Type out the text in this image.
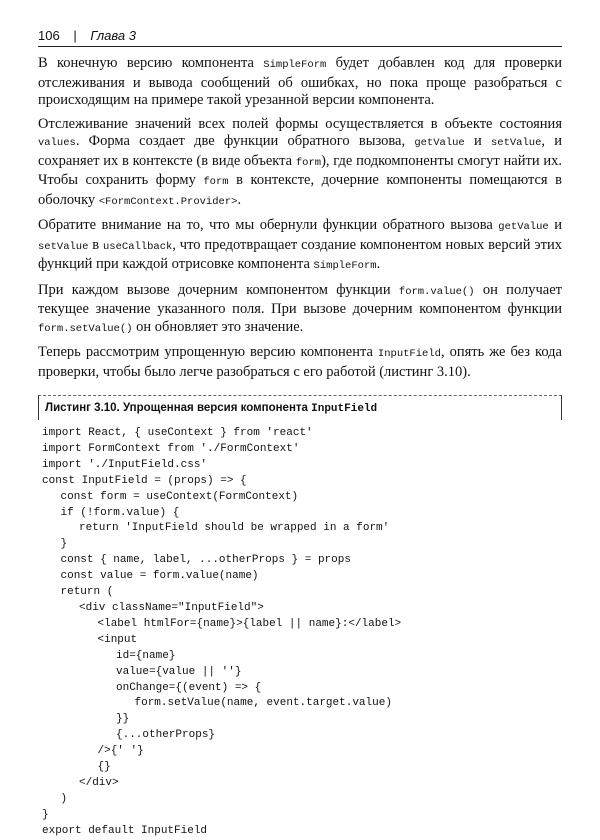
106 | Глава 3

В конечную версию компонента SimpleForm будет добавлен код для проверки отслеживания и вывода сообщений об ошибках, но пока проще разобраться с происходящим на примере такой урезанной версии компонента.

Отслеживание значений всех полей формы осуществляется в объекте состояния values. Форма создает две функции обратного вызова, getValue и setValue, и сохраняет их в контексте (в виде объекта form), где подкомпоненты смогут найти их. Чтобы сохранить форму form в контексте, дочерние компоненты помещаются в оболочку <FormContext.Provider>.

Обратите внимание на то, что мы обернули функции обратного вызова getValue и setValue в useCallback, что предотвращает создание компонентом новых версий этих функций при каждой отрисовке компонента SimpleForm.

При каждом вызове дочерним компонентом функции form.value() он получает текущее значение указанного поля. При вызове дочерним компонентом функции form.setValue() он обновляет это значение.

Теперь рассмотрим упрощенную версию компонента InputField, опять же без кода проверки, чтобы было легче разобраться с его работой (листинг 3.10).

Листинг 3.10. Упрощенная версия компонента InputField
import React, { useContext } from 'react'
import FormContext from './FormContext'
import './InputField.css'
const InputField = (props) => {
const form = useContext(FormContext)
if (!form.value) {
return 'InputField should be wrapped in a form'
}
const { name, label, ...otherProps } = props
const value = form.value(name)
return (
<div className="InputField">
<label htmlFor={name}>{label || name}:</label>
<input
id={name}
value={value || ''}
onChange={(event) => {
form.setValue(name, event.target.value)
}}
{...otherProps}
/>{' '}
{}
</div>
)
}
export default InputField
